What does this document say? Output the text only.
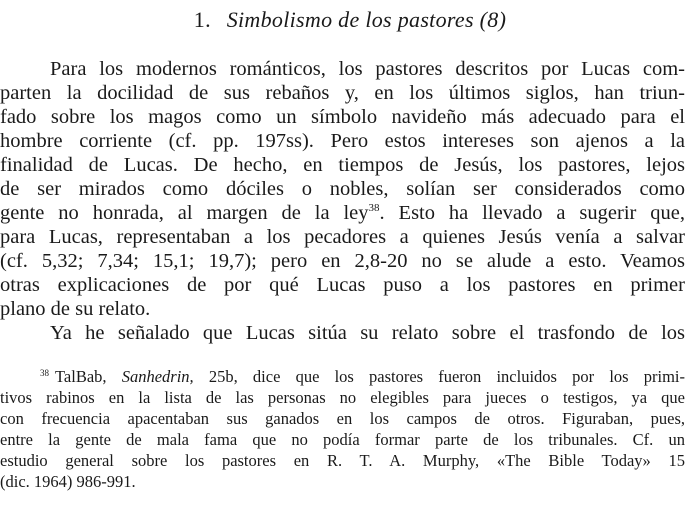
1. Simbolismo de los pastores (8)
Para los modernos románticos, los pastores descritos por Lucas com-
parten la docilidad de sus rebaños y, en los últimos siglos, han triun-
fado sobre los magos como un símbolo navideño más adecuado para el
hombre corriente (cf. pp. 197ss). Pero estos intereses son ajenos a la
finalidad de Lucas. De hecho, en tiempos de Jesús, los pastores, lejos
de ser mirados como dóciles o nobles, solían ser considerados como
gente no honrada, al margen de la ley$^{38}$. Esto ha llevado a sugerir que,
para Lucas, representaban a los pecadores a quienes Jesús venía a salvar
(cf. 5,32; 7,34; 15,1; 19,7); pero en 2,8-20 no se alude a esto. Veamos
otras explicaciones de por qué Lucas puso a los pastores en primer
plano de su relato.
Ya he señalado que Lucas sitúa su relato sobre el trasfondo de los
$^{38}$ TalBab, Sanhedrin, 25b, dice que los pastores fueron incluidos por los primi-
tivos rabinos en la lista de las personas no elegibles para jueces o testigos, ya que
con frecuencia apacentaban sus ganados en los campos de otros. Figuraban, pues,
entre la gente de mala fama que no podía formar parte de los tribunales. Cf. un
estudio general sobre los pastores en R. T. A. Murphy, «The Bible Today» 15
(dic. 1964) 986-991.
